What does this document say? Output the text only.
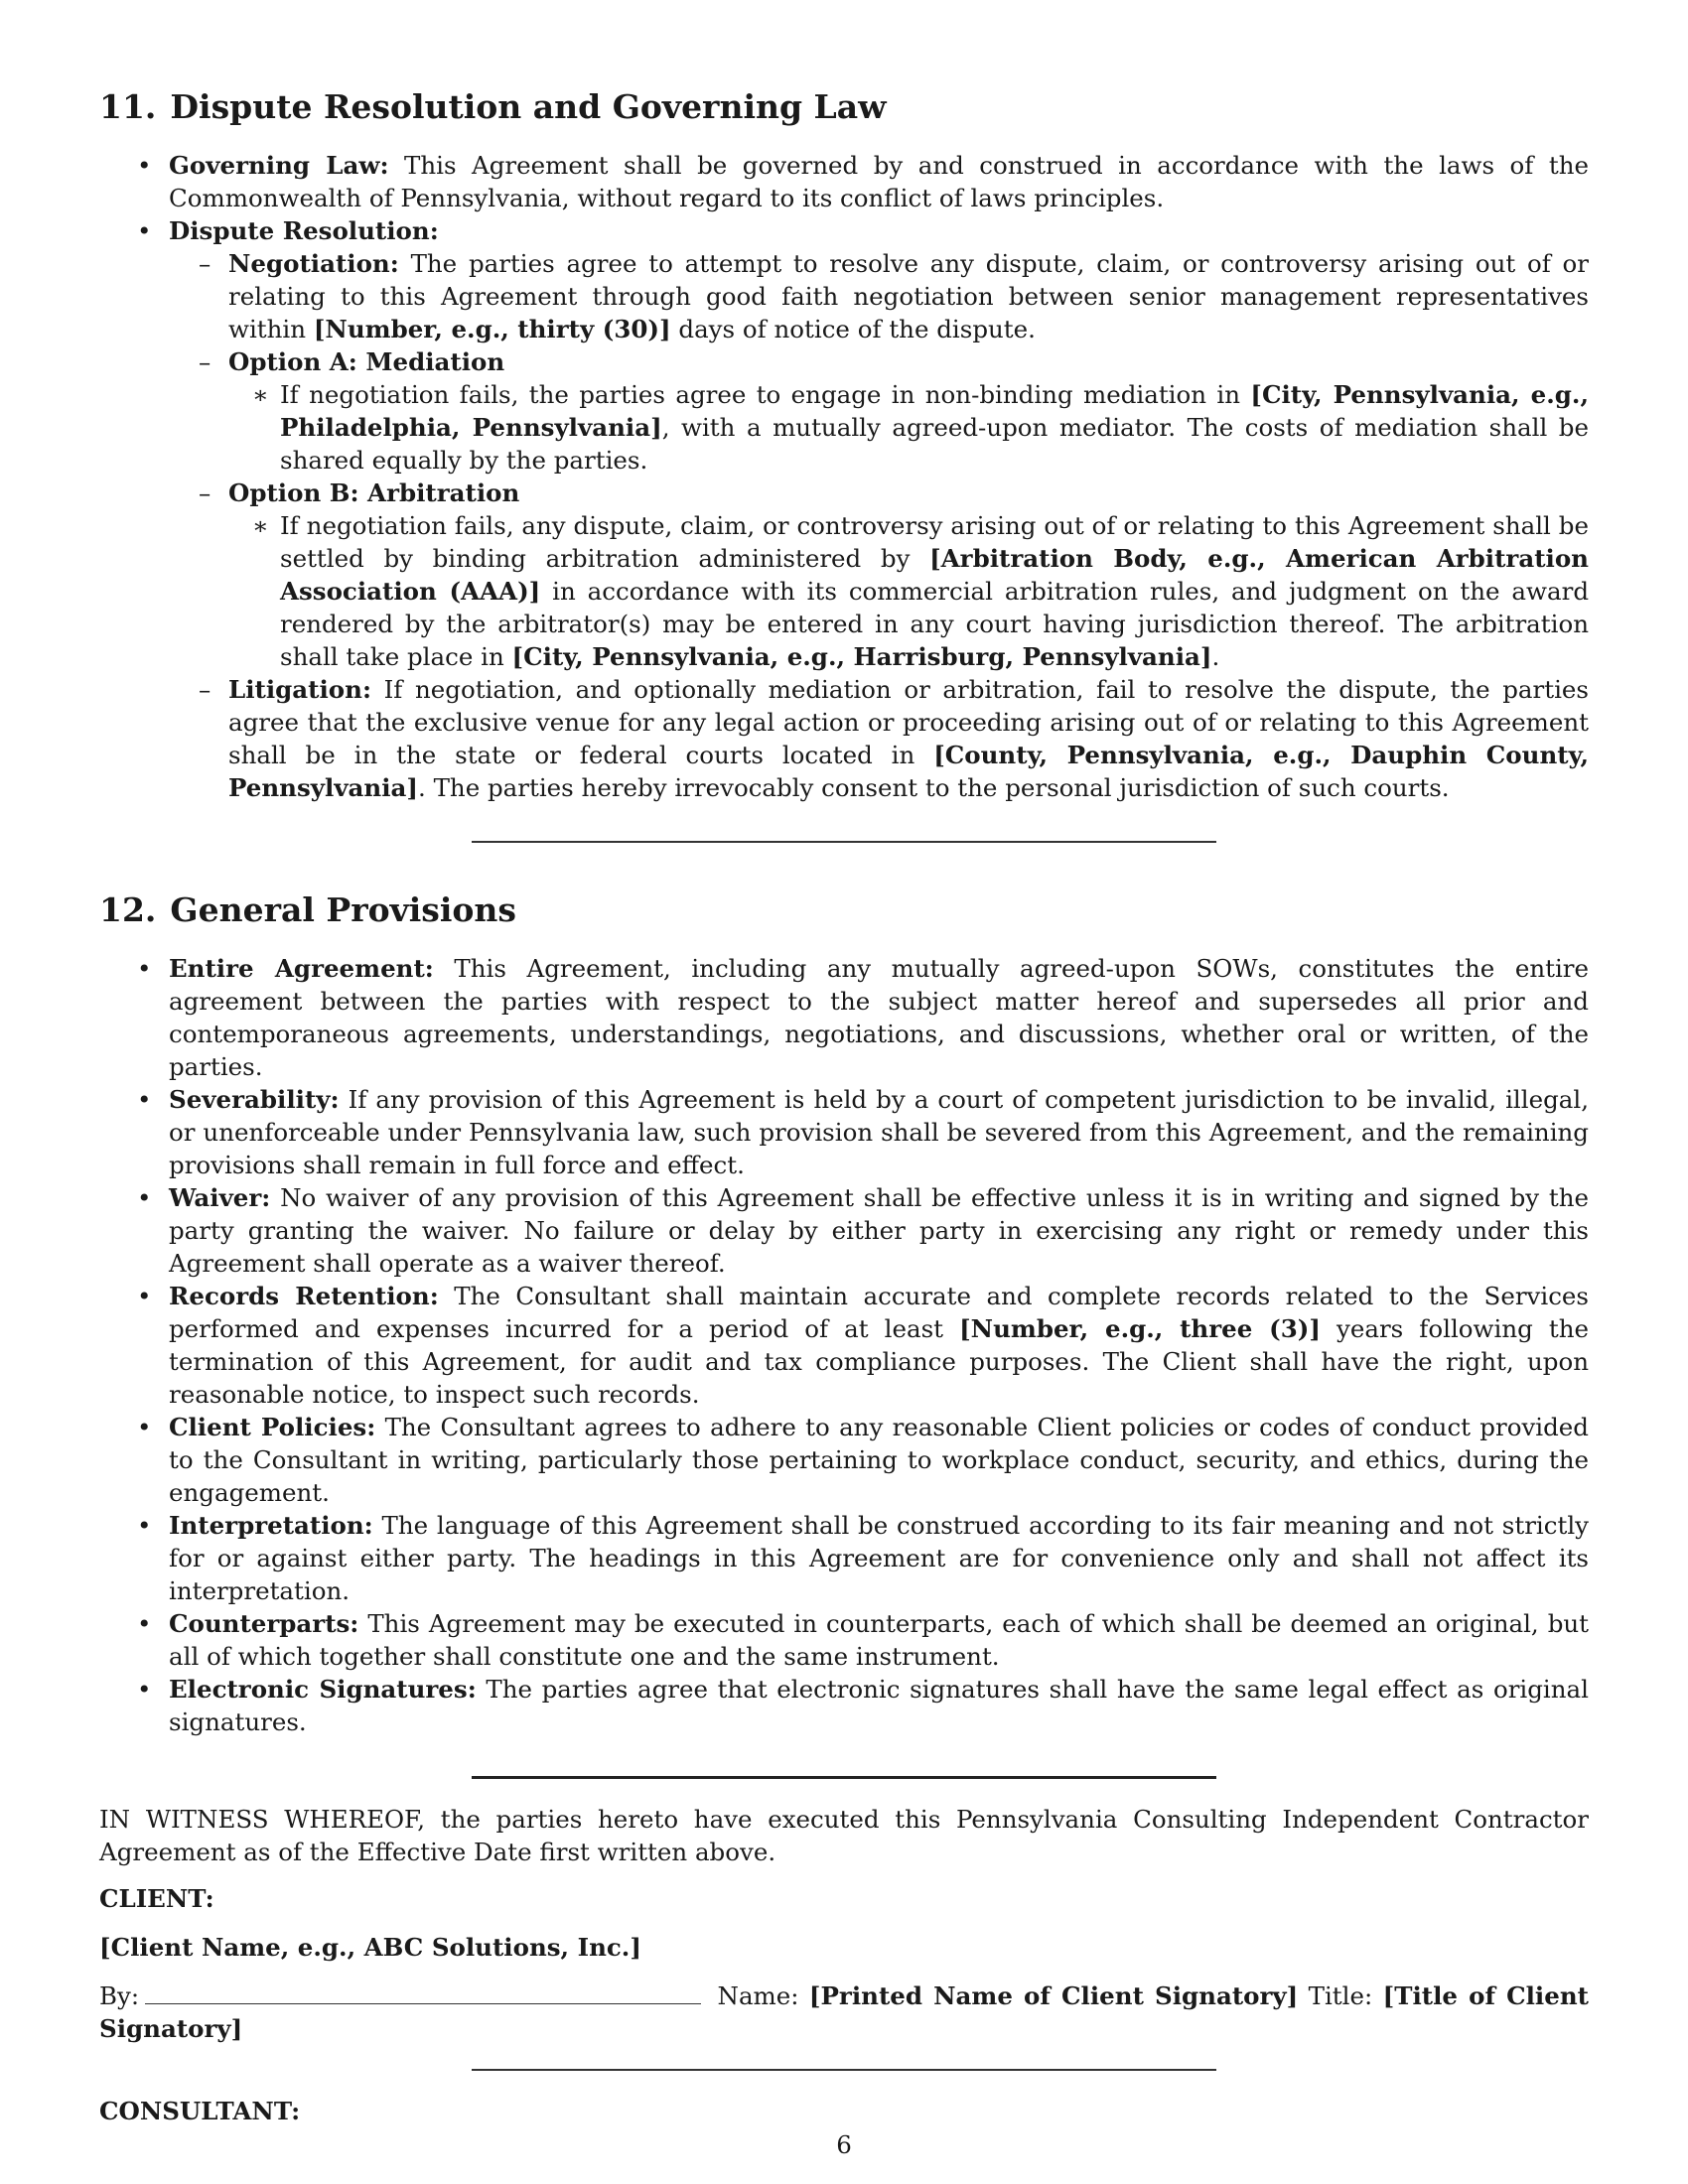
11. Dispute Resolution and Governing Law
• Governing Law: This Agreement shall be governed by and construed in accordance with the laws of the Commonwealth of Pennsylvania, without regard to its conflict of laws principles.
• Dispute Resolution:
– Negotiation: The parties agree to attempt to resolve any dispute, claim, or controversy arising out of or relating to this Agreement through good faith negotiation between senior management representatives within [Number, e.g., thirty (30)] days of notice of the dispute.
– Option A: Mediation
∗ If negotiation fails, the parties agree to engage in non-binding mediation in [City, Pennsylvania, e.g., Philadelphia, Pennsylvania], with a mutually agreed-upon mediator. The costs of mediation shall be shared equally by the parties.
– Option B: Arbitration
∗ If negotiation fails, any dispute, claim, or controversy arising out of or relating to this Agreement shall be settled by binding arbitration administered by [Arbitration Body, e.g., American Arbitration Association (AAA)] in accordance with its commercial arbitration rules, and judgment on the award rendered by the arbitrator(s) may be entered in any court having jurisdiction thereof. The arbitration shall take place in [City, Pennsylvania, e.g., Harrisburg, Pennsylvania].
– Litigation: If negotiation, and optionally mediation or arbitration, fail to resolve the dispute, the parties agree that the exclusive venue for any legal action or proceeding arising out of or relating to this Agreement shall be in the state or federal courts located in [County, Pennsylvania, e.g., Dauphin County, Pennsylvania]. The parties hereby irrevocably consent to the personal jurisdiction of such courts.
12. General Provisions
• Entire Agreement: This Agreement, including any mutually agreed-upon SOWs, constitutes the entire agreement between the parties with respect to the subject matter hereof and supersedes all prior and contemporaneous agreements, understandings, negotiations, and discussions, whether oral or written, of the parties.
• Severability: If any provision of this Agreement is held by a court of competent jurisdiction to be invalid, illegal, or unenforceable under Pennsylvania law, such provision shall be severed from this Agreement, and the remaining provisions shall remain in full force and effect.
• Waiver: No waiver of any provision of this Agreement shall be effective unless it is in writing and signed by the party granting the waiver. No failure or delay by either party in exercising any right or remedy under this Agreement shall operate as a waiver thereof.
• Records Retention: The Consultant shall maintain accurate and complete records related to the Services performed and expenses incurred for a period of at least [Number, e.g., three (3)] years following the termination of this Agreement, for audit and tax compliance purposes. The Client shall have the right, upon reasonable notice, to inspect such records.
• Client Policies: The Consultant agrees to adhere to any reasonable Client policies or codes of conduct provided to the Consultant in writing, particularly those pertaining to workplace conduct, security, and ethics, during the engagement.
• Interpretation: The language of this Agreement shall be construed according to its fair meaning and not strictly for or against either party. The headings in this Agreement are for convenience only and shall not affect its interpretation.
• Counterparts: This Agreement may be executed in counterparts, each of which shall be deemed an original, but all of which together shall constitute one and the same instrument.
• Electronic Signatures: The parties agree that electronic signatures shall have the same legal effect as original signatures.

IN WITNESS WHEREOF, the parties hereto have executed this Pennsylvania Consulting Independent Contractor Agreement as of the Effective Date first written above.

CLIENT:

[Client Name, e.g., ABC Solutions, Inc.]

By:	Name: [Printed Name of Client Signatory] Title: [Title of Client Signatory]

CONSULTANT:

6
